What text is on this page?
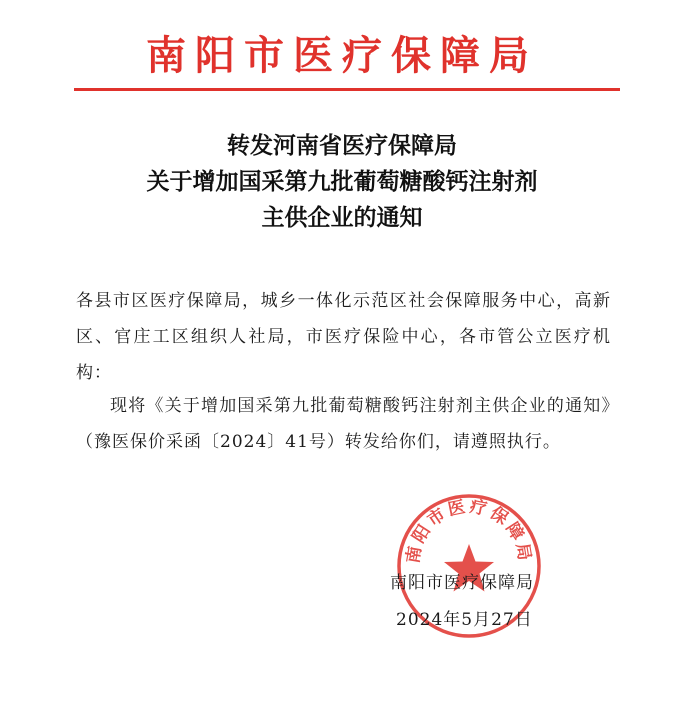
南阳市医疗保障局
转发河南省医疗保障局
关于增加国采第九批葡萄糖酸钙注射剂
主供企业的通知
各县市区医疗保障局，城乡一体化示范区社会保障服务中心，高新区、官庄工区组织人社局，市医疗保险中心，各市管公立医疗机构：
现将《关于增加国采第九批葡萄糖酸钙注射剂主供企业的通知》（豫医保价采函〔2024〕41号）转发给你们，请遵照执行。
南阳市医疗保障局
南阳市医疗保障局
2024年5月27日
